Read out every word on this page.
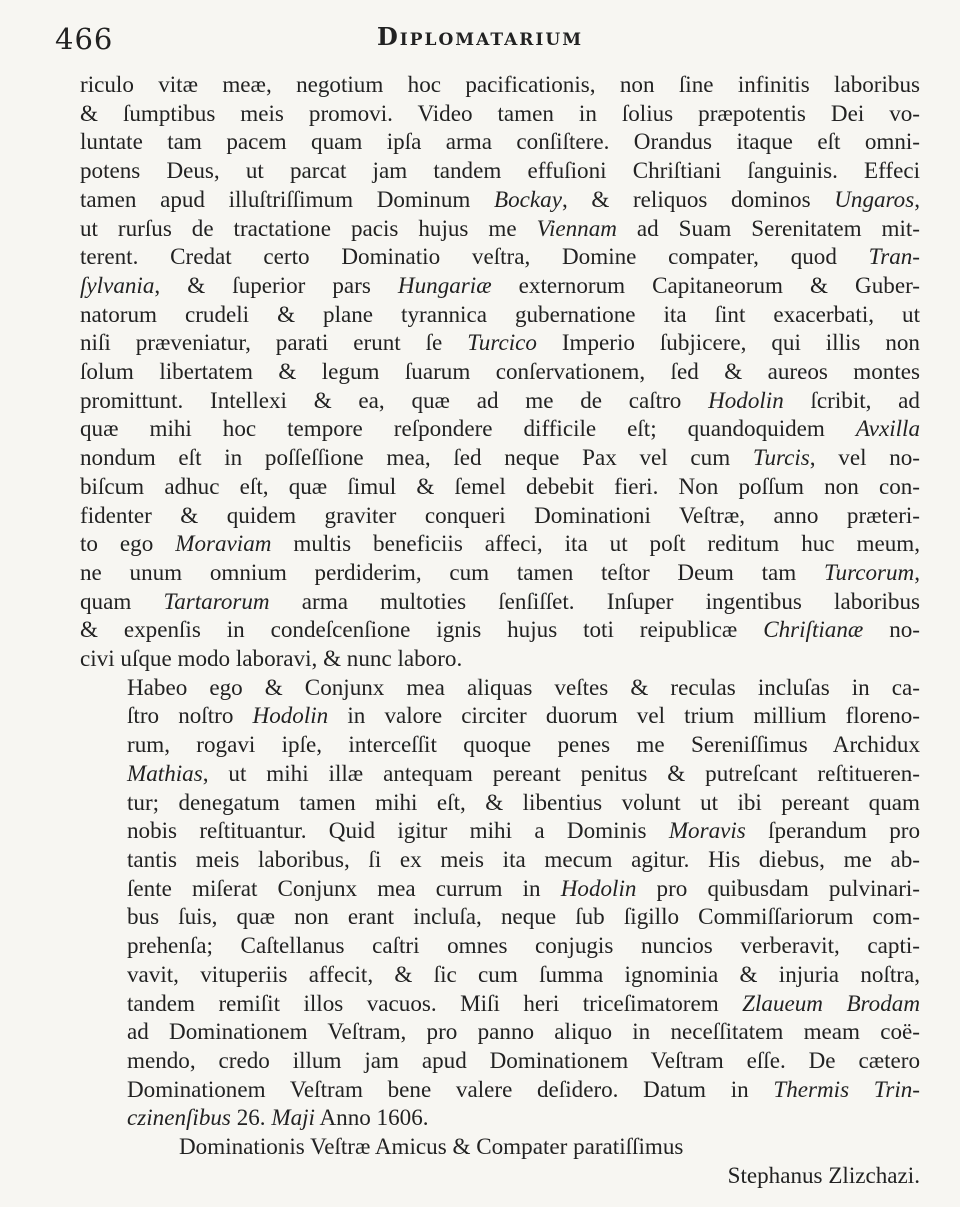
466	Diplomatarium

riculo vitæ meæ, negotium hoc pacificationis, non ſine infinitis laboribus
& ſumptibus meis promovi. Video tamen in ſolius præpotentis Dei vo-
luntate tam pacem quam ipſa arma conſiſtere. Orandus itaque eſt omni-
potens Deus, ut parcat jam tandem effuſioni Chriſtiani ſanguinis. Effeci
tamen apud illuſtriſſimum Dominum Bockay, & reliquos dominos Ungaros,
ut rurſus de tractatione pacis hujus me Viennam ad Suam Serenitatem mit-
terent. Credat certo Dominatio veſtra, Domine compater, quod Tran-
ſylvania, & ſuperior pars Hungariæ externorum Capitaneorum & Guber-
natorum crudeli & plane tyrannica gubernatione ita ſint exacerbati, ut
niſi præveniatur, parati erunt ſe Turcico Imperio ſubjicere, qui illis non
ſolum libertatem & legum ſuarum conſervationem, ſed & aureos montes
promittunt. Intellexi & ea, quæ ad me de caſtro Hodolin ſcribit, ad
quæ mihi hoc tempore reſpondere difficile eſt; quandoquidem Avxilla
nondum eſt in poſſeſſione mea, ſed neque Pax vel cum Turcis, vel no-
biſcum adhuc eſt, quæ ſimul & ſemel debebit fieri. Non poſſum non con-
fidenter & quidem graviter conqueri Dominationi Veſtræ, anno præteri-
to ego Moraviam multis beneficiis affeci, ita ut poſt reditum huc meum,
ne unum omnium perdiderim, cum tamen teſtor Deum tam Turcorum,
quam Tartarorum arma multoties ſenſiſſet. Inſuper ingentibus laboribus
& expenſis in condeſcenſione ignis hujus toti reipublicæ Chriſtianæ no-
civi uſque modo laboravi, & nunc laboro.

Habeo ego & Conjunx mea aliquas veſtes & reculas incluſas in ca-
ſtro noſtro Hodolin in valore circiter duorum vel trium millium floreno-
rum, rogavi ipſe, interceſſit quoque penes me Sereniſſimus Archidux
Mathias, ut mihi illæ antequam pereant penitus & putreſcant reſtitueren-
tur; denegatum tamen mihi eſt, & libentius volunt ut ibi pereant quam
nobis reſtituantur. Quid igitur mihi a Dominis Moravis ſperandum pro
tantis meis laboribus, ſi ex meis ita mecum agitur. His diebus, me ab-
ſente miſerat Conjunx mea currum in Hodolin pro quibusdam pulvinari-
bus ſuis, quæ non erant incluſa, neque ſub ſigillo Commiſſariorum com-
prehenſa; Caſtellanus caſtri omnes conjugis nuncios verberavit, capti-
vavit, vituperiis affecit, & ſic cum ſumma ignominia & injuria noſtra,
tandem remiſit illos vacuos. Miſi heri triceſimatorem Zlaueum Brodam
ad Dominationem Veſtram, pro panno aliquo in neceſſitatem meam coë-
mendo, credo illum jam apud Dominationem Veſtram eſſe. De cætero
Dominationem Veſtram bene valere deſidero. Datum in Thermis Trin-
czinenſibus 26. Maji Anno 1606.

Dominationis Veſtræ Amicus & Compater paratiſſimus
Stephanus Zlizchazi.
